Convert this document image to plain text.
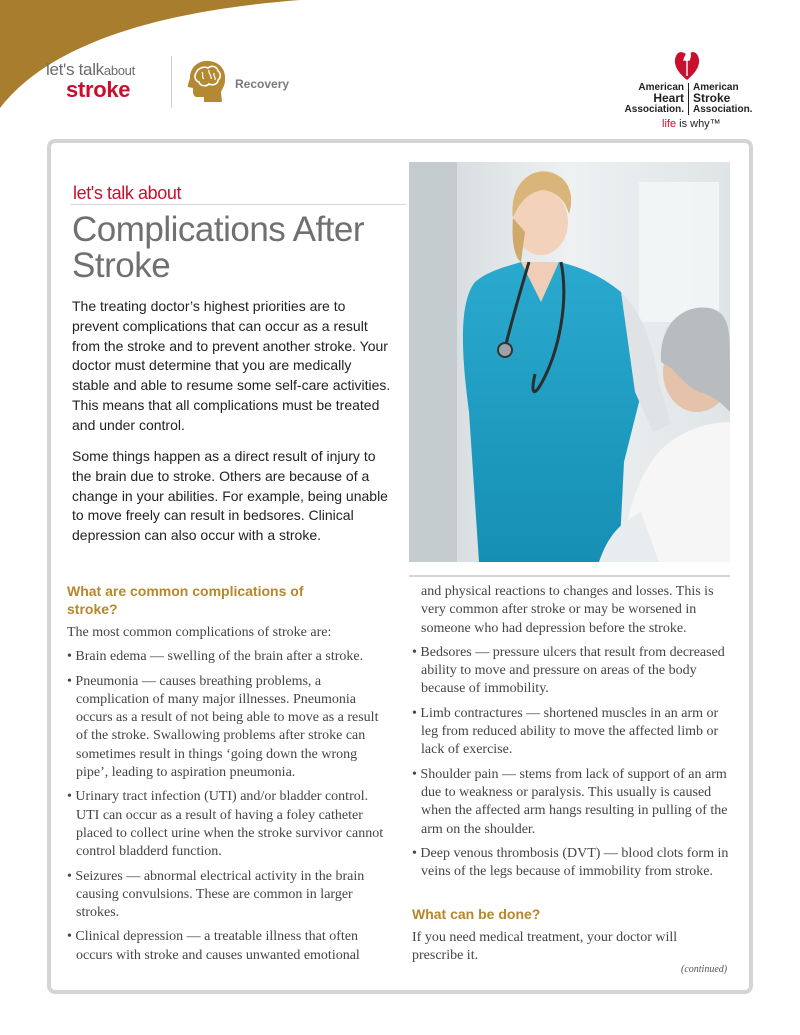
let's talkabout
stroke	Recovery	American
Heart
Association.
American
Stroke
Association.
life is why™
let's talk about
Complications After Stroke
The treating doctor’s highest priorities are to prevent complications that can occur as a result from the stroke and to prevent another stroke. Your doctor must determine that you are medically stable and able to resume some self-care activities. This means that all complications must be treated and under control.
Some things happen as a direct result of injury to the brain due to stroke. Others are because of a change in your abilities. For example, being unable to move freely can result in bedsores. Clinical depression can also occur with a stroke.
What are common complications of stroke?

The most common complications of stroke are:

• Brain edema — swelling of the brain after a stroke.
• Pneumonia — causes breathing problems, a complication of many major illnesses. Pneumonia occurs as a result of not being able to move as a result of the stroke. Swallowing problems after stroke can sometimes result in things ‘going down the wrong pipe’, leading to aspiration pneumonia.
• Urinary tract infection (UTI) and/or bladder control. UTI can occur as a result of having a foley catheter placed to collect urine when the stroke survivor cannot control bladderd function.
• Seizures — abnormal electrical activity in the brain causing convulsions. These are common in larger strokes.
• Clinical depression — a treatable illness that often occurs with stroke and causes unwanted emotional

and physical reactions to changes and losses. This is very common after stroke or may be worsened in someone who had depression before the stroke.

• Bedsores — pressure ulcers that result from decreased ability to move and pressure on areas of the body because of immobility.
• Limb contractures — shortened muscles in an arm or leg from reduced ability to move the affected limb or lack of exercise.
• Shoulder pain — stems from lack of support of an arm due to weakness or paralysis. This usually is caused when the affected arm hangs resulting in pulling of the arm on the shoulder.
• Deep venous thrombosis (DVT) — blood clots form in veins of the legs because of immobility from stroke.
What can be done?
If you need medical treatment, your doctor will prescribe it.
(continued)
